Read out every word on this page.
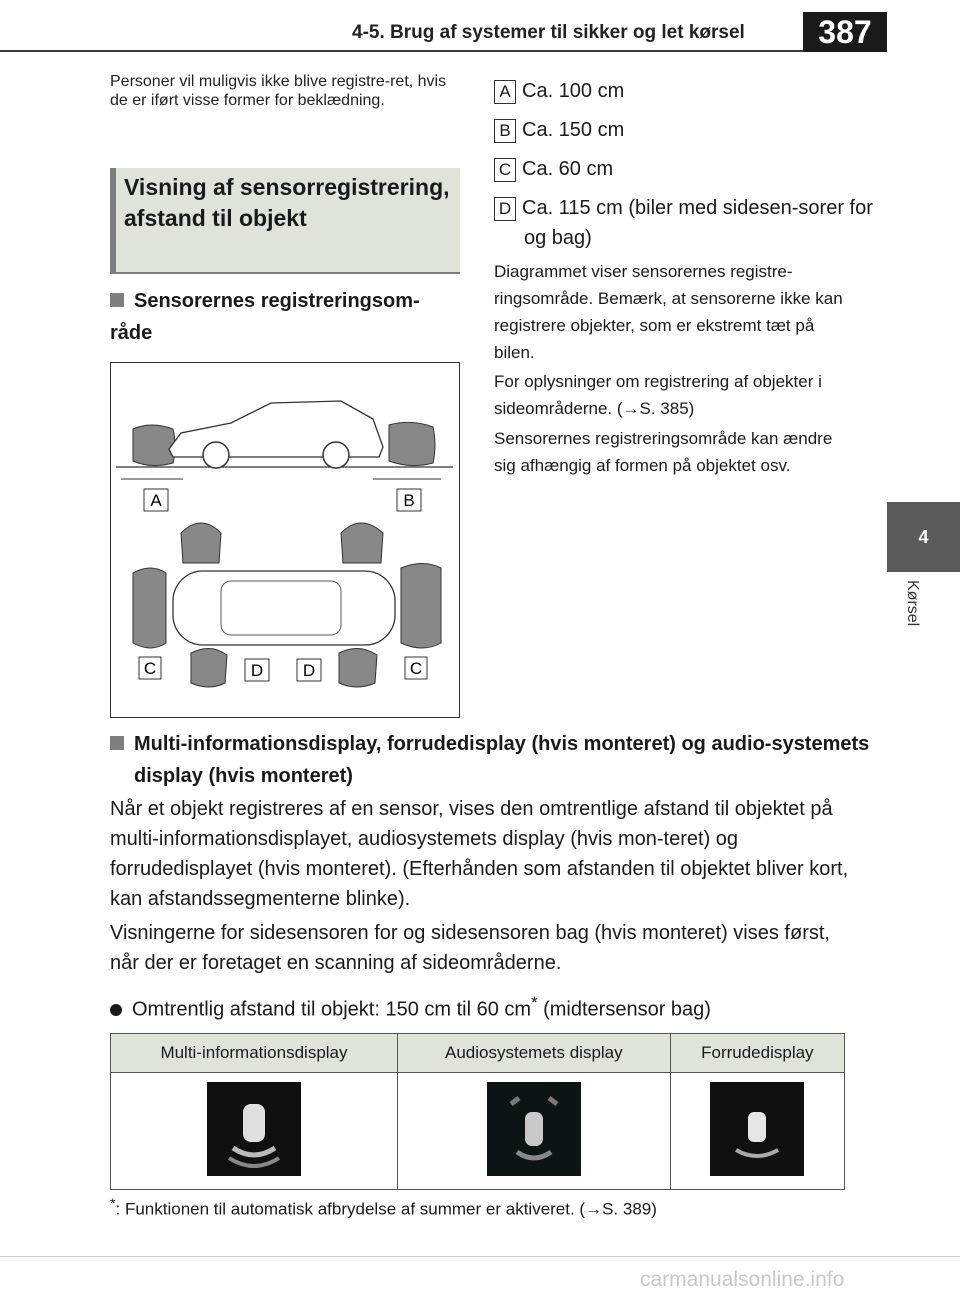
4-5. Brug af systemer til sikker og let kørsel	387
4
Kørsel
Personer vil muligvis ikke blive registre-ret, hvis de er iført visse former for beklædning.
Visning af sensorregistrering, afstand til objekt
Sensorernes registreringsom-råde
A	B
C	D D	C
A Ca. 100 cm
B Ca. 150 cm
C Ca. 60 cm
D Ca. 115 cm (biler med sidesen-sorer for og bag)
Diagrammet viser sensorernes registre-ringsområde. Bemærk, at sensorerne ikke kan registrere objekter, som er ekstremt tæt på bilen.
For oplysninger om registrering af objekter i sideområderne. (→S. 385)
Sensorernes registreringsområde kan ændre sig afhængig af formen på objektet osv.
Multi-informationsdisplay, forrudedisplay (hvis monteret) og audio-systemets display (hvis monteret)
Når et objekt registreres af en sensor, vises den omtrentlige afstand til objektet på multi-informationsdisplayet, audiosystemets display (hvis mon-teret) og forrudedisplayet (hvis monteret). (Efterhånden som afstanden til objektet bliver kort, kan afstandssegmenterne blinke).
Visningerne for sidesensoren for og sidesensoren bag (hvis monteret) vises først, når der er foretaget en scanning af sideområderne.
Omtrentlig afstand til objekt: 150 cm til 60 cm* (midtersensor bag)
Multi-informationsdisplay	Audiosystemets display	Forrudedisplay

*: Funktionen til automatisk afbrydelse af summer er aktiveret. (→S. 389)
carmanualsonline.info
